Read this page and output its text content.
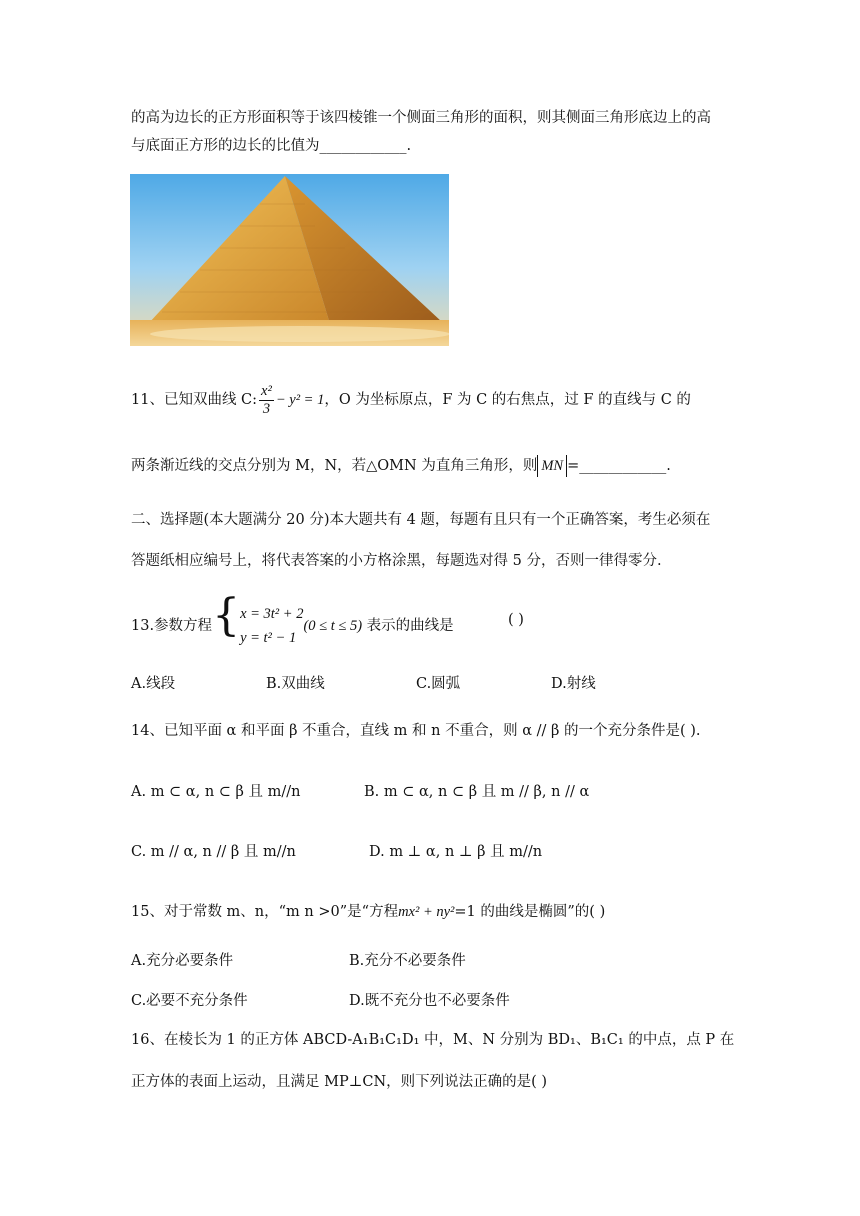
的高为边长的正方形面积等于该四棱锥一个侧面三角形的面积，则其侧面三角形底边上的高
与底面正方形的边长的比值为____________.
11、已知双曲线 C: $\frac{\text{x²}}{3} - y^2 = 1$，O 为坐标原点，F 为 C 的右焦点，过 F 的直线与 C 的
两条渐近线的交点分别为 M，N，若△OMN 为直角三角形，则 MN =____________.
二、选择题(本大题满分 20 分)本大题共有 4 题，每题有且只有一个正确答案，考生必须在
答题纸相应编号上，将代表答案的小方格涂黑，每题选对得 5 分，否则一律得零分.
13.参数方程{ x = 3t² + 2
y = t² − 1
(0 ≤ t ≤ 5) 表示的曲线是	( )
A.线段	B.双曲线	C.圆弧	D.射线
14、已知平面 α 和平面 β 不重合，直线 m 和 n 不重合，则 α // β 的一个充分条件是( ).
A. m ⊂ α, n ⊂ β 且 m//n	B. m ⊂ α, n ⊂ β 且 m // β, n // α
C. m // α, n // β 且 m//n	D. m ⊥ α, n ⊥ β 且 m//n
15、对于常数 m、n，“m n >0”是“方程mx² + ny²=1 的曲线是椭圆”的( )
A.充分必要条件	B.充分不必要条件
C.必要不充分条件	D.既不充分也不必要条件
16、在棱长为 1 的正方体 ABCD-A₁B₁C₁D₁ 中，M、N 分别为 BD₁、B₁C₁ 的中点，点 P 在
正方体的表面上运动，且满足 MP⊥CN，则下列说法正确的是( )
